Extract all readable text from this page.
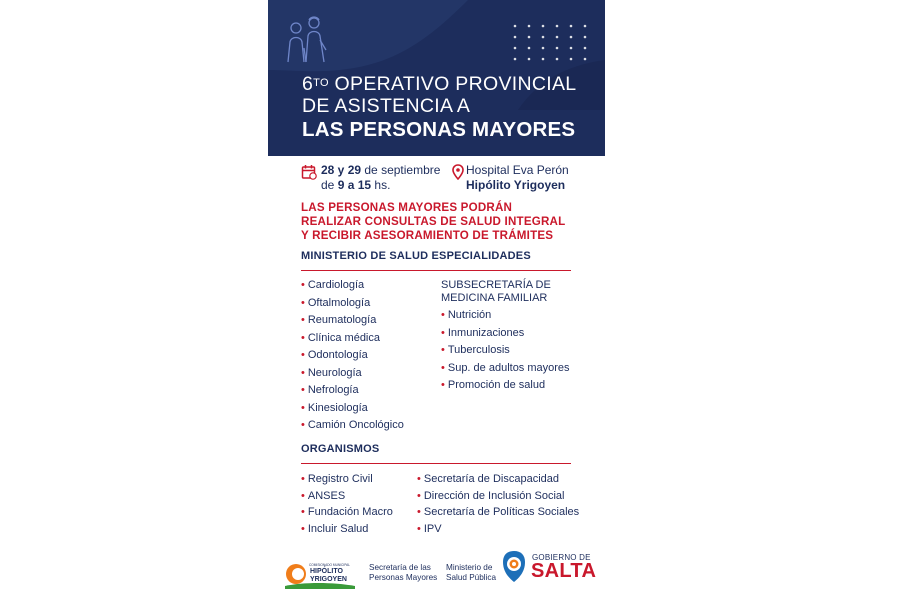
$6^{TO}$ OPERATIVO PROVINCIAL
DE ASISTENCIA A
LAS PERSONAS MAYORES
28 y 29 de septiembre
de 9 a 15 hs.
Hospital Eva Perón
Hipólito Yrigoyen
LAS PERSONAS MAYORES PODRÁN
REALIZAR CONSULTAS DE SALUD INTEGRAL
Y RECIBIR ASESORAMIENTO DE TRÁMITES
MINISTERIO DE SALUD ESPECIALIDADES
• Cardiología
• Oftalmología
• Reumatología
• Clínica médica
• Odontología
• Neurología
• Nefrología
• Kinesiología
• Camión Oncológico
SUBSECRETARÍA DE
MEDICINA FAMILIAR
• Nutrición
• Inmunizaciones
• Tuberculosis
• Sup. de adultos mayores
• Promoción de salud
ORGANISMOS
• Registro Civil
• ANSES
• Fundación Macro
• Incluir Salud
• Secretaría de Discapacidad
• Dirección de Inclusión Social
• Secretaría de Políticas Sociales
• IPV
COMISIONADO MUNICIPAL
HIPÓLITO
YRIGOYEN
Secretaría de las
Personas Mayores
Ministerio de
Salud Pública
GOBIERNO DE
SALTA
